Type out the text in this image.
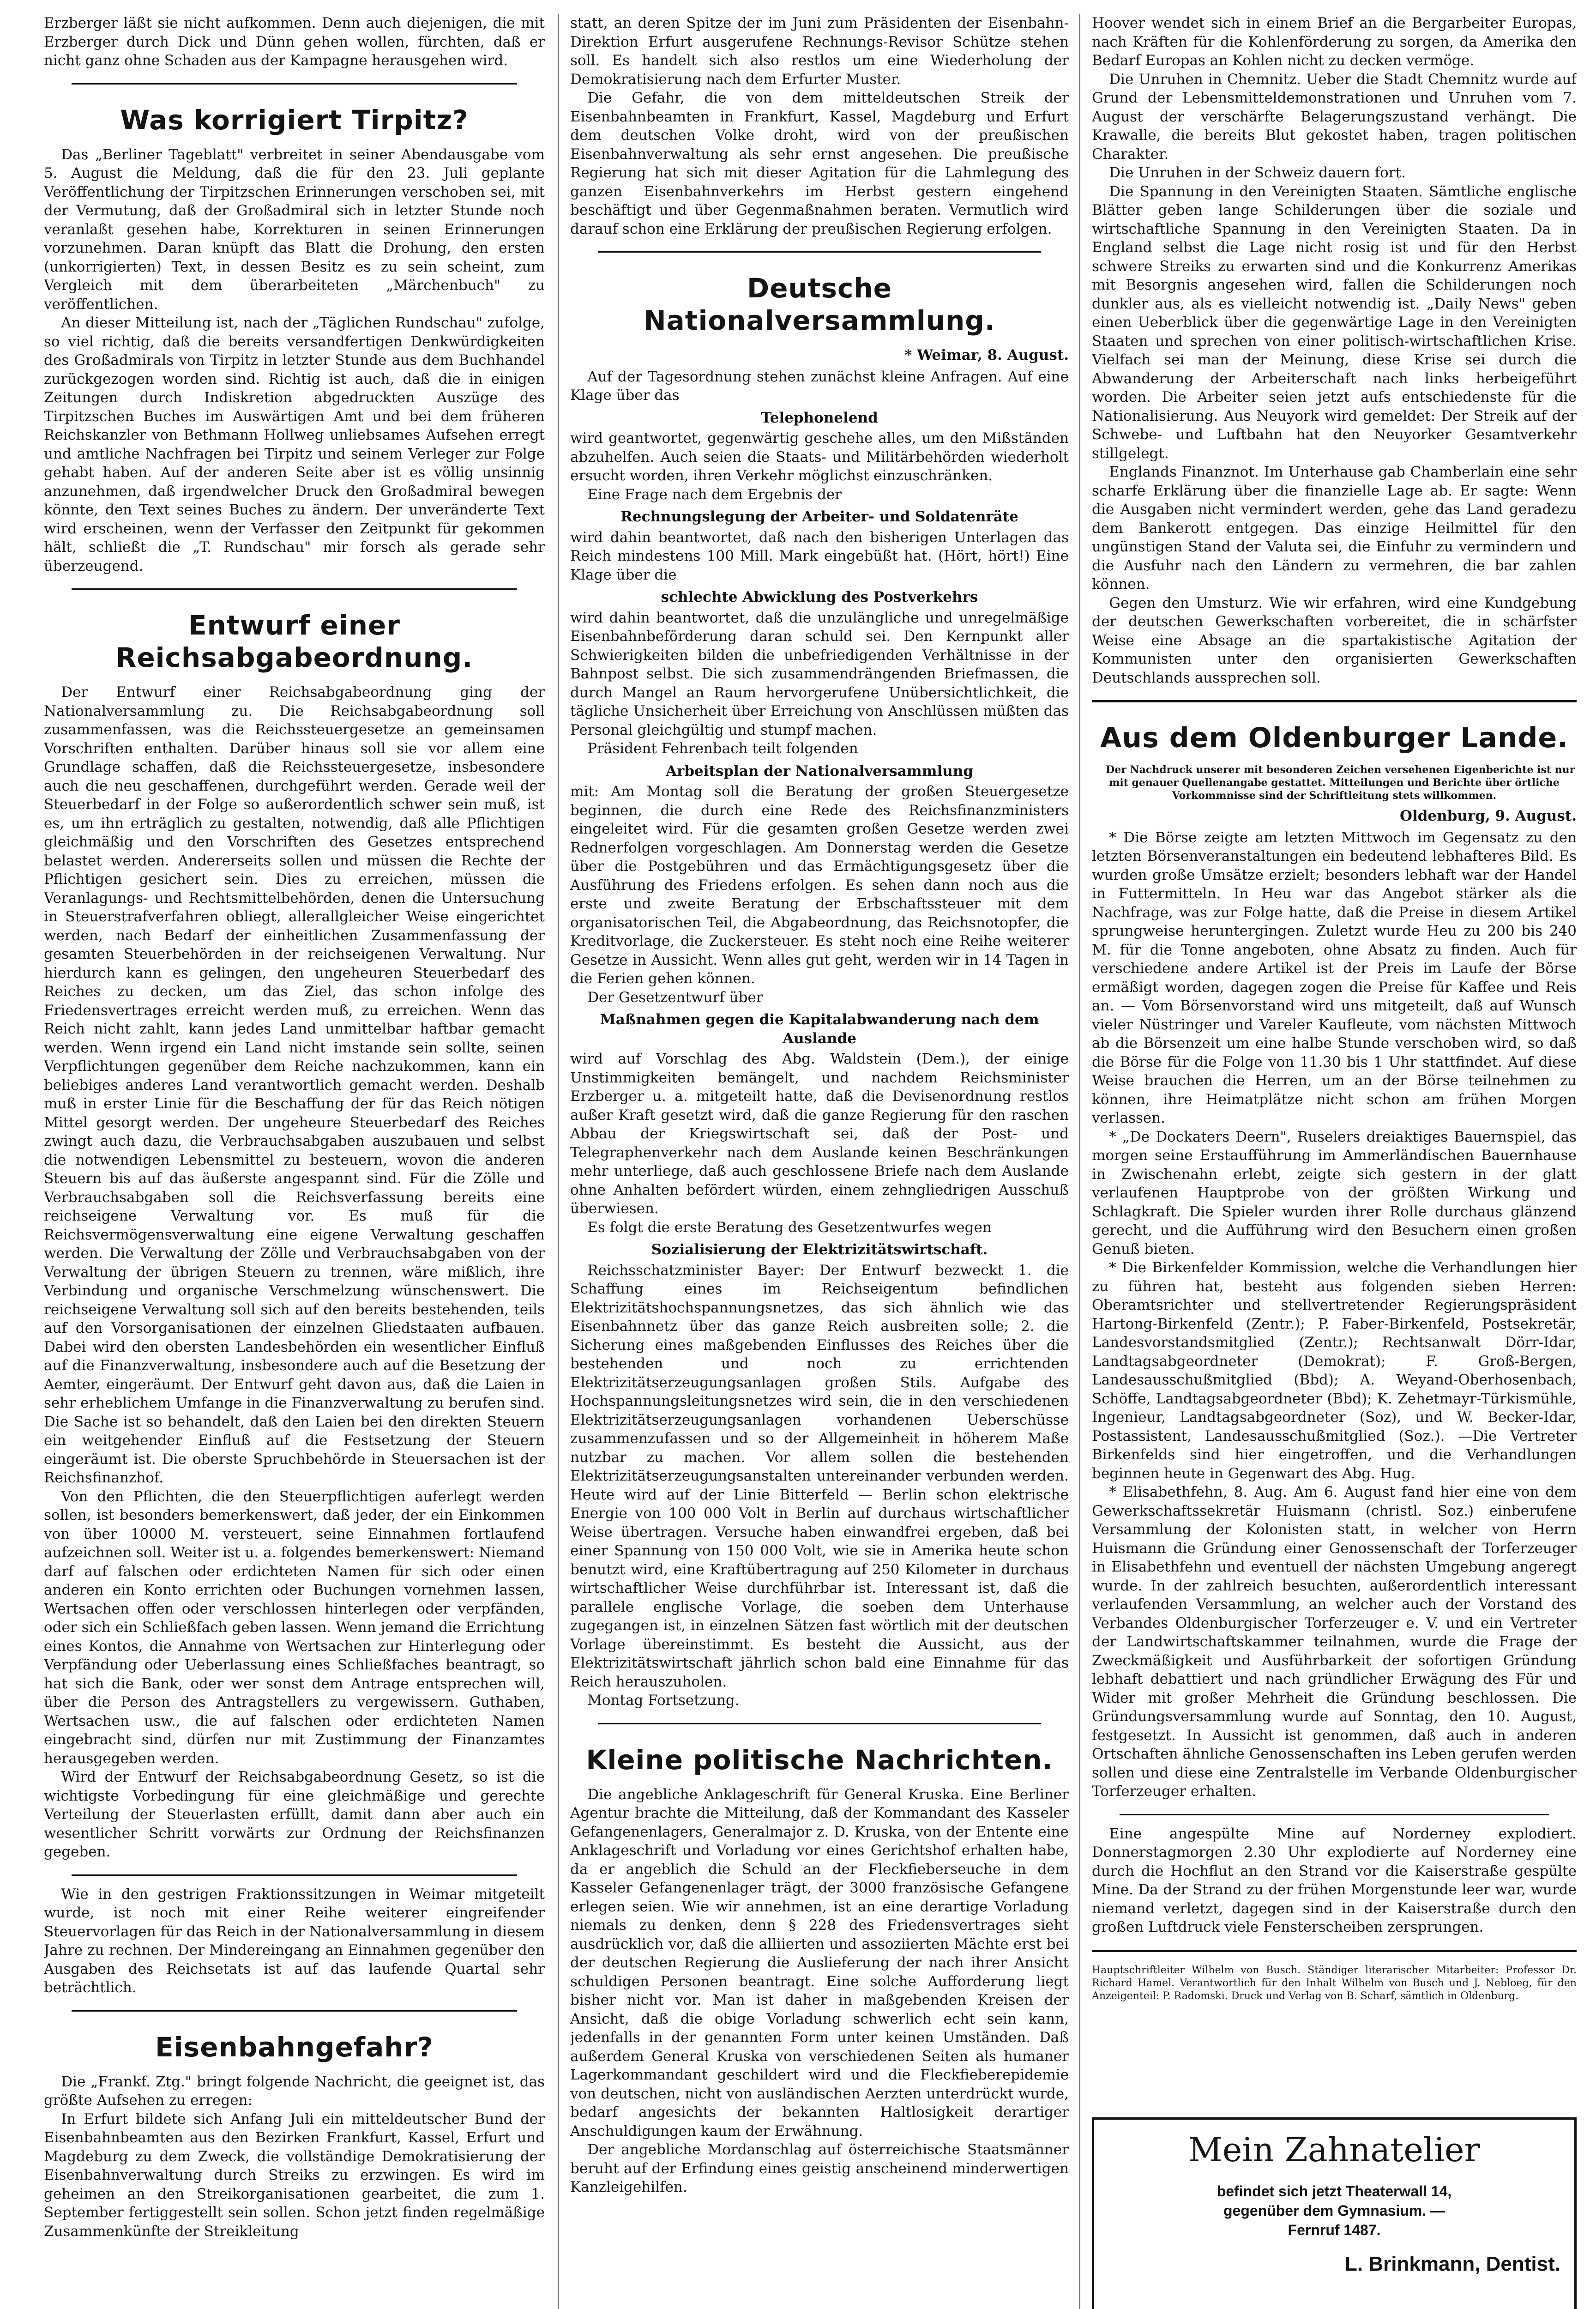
Erzberger läßt sie nicht aufkommen. Denn auch diejenigen, die mit Erzberger durch Dick und Dünn gehen wollen, fürchten, daß er nicht ganz ohne Schaden aus der Kampagne herausgehen wird.

Was korrigiert Tirpitz?

Das „Berliner Tageblatt" verbreitet in seiner Abendausgabe vom 5. August die Meldung, daß die für den 23. Juli geplante Veröffentlichung der Tirpitzschen Erinnerungen verschoben sei, mit der Vermutung, daß der Großadmiral sich in letzter Stunde noch veranlaßt gesehen habe, Korrekturen in seinen Erinnerungen vorzunehmen. Daran knüpft das Blatt die Drohung, den ersten (unkorrigierten) Text, in dessen Besitz es zu sein scheint, zum Vergleich mit dem überarbeiteten „Märchenbuch" zu veröffentlichen.

An dieser Mitteilung ist, nach der „Täglichen Rundschau" zufolge, so viel richtig, daß die bereits versandfertigen Denkwürdigkeiten des Großadmirals von Tirpitz in letzter Stunde aus dem Buchhandel zurückgezogen worden sind. Richtig ist auch, daß die in einigen Zeitungen durch Indiskretion abgedruckten Auszüge des Tirpitzschen Buches im Auswärtigen Amt und bei dem früheren Reichskanzler von Bethmann Hollweg unliebsames Aufsehen erregt und amtliche Nachfragen bei Tirpitz und seinem Verleger zur Folge gehabt haben. Auf der anderen Seite aber ist es völlig unsinnig anzunehmen, daß irgendwelcher Druck den Großadmiral bewegen könnte, den Text seines Buches zu ändern. Der unveränderte Text wird erscheinen, wenn der Verfasser den Zeitpunkt für gekommen hält, schließt die „T. Rundschau" mir forsch als gerade sehr überzeugend.

Entwurf einer Reichsabgabeordnung.

Der Entwurf einer Reichsabgabeordnung ging der Nationalversammlung zu. Die Reichsabgabeordnung soll zusammenfassen, was die Reichssteuergesetze an gemeinsamen Vorschriften enthalten. Darüber hinaus soll sie vor allem eine Grundlage schaffen, daß die Reichssteuergesetze, insbesondere auch die neu geschaffenen, durchgeführt werden. Gerade weil der Steuerbedarf in der Folge so außerordentlich schwer sein muß, ist es, um ihn erträglich zu gestalten, notwendig, daß alle Pflichtigen gleichmäßig und den Vorschriften des Gesetzes entsprechend belastet werden. Andererseits sollen und müssen die Rechte der Pflichtigen gesichert sein. Dies zu erreichen, müssen die Veranlagungs- und Rechtsmittelbehörden, denen die Untersuchung in Steuerstrafverfahren obliegt, allerallgleicher Weise eingerichtet werden, nach Bedarf der einheitlichen Zusammenfassung der gesamten Steuerbehörden in der reichseigenen Verwaltung. Nur hierdurch kann es gelingen, den ungeheuren Steuerbedarf des Reiches zu decken, um das Ziel, das schon infolge des Friedensvertrages erreicht werden muß, zu erreichen. Wenn das Reich nicht zahlt, kann jedes Land unmittelbar haftbar gemacht werden. Wenn irgend ein Land nicht imstande sein sollte, seinen Verpflichtungen gegenüber dem Reiche nachzukommen, kann ein beliebiges anderes Land verantwortlich gemacht werden. Deshalb muß in erster Linie für die Beschaffung der für das Reich nötigen Mittel gesorgt werden. Der ungeheure Steuerbedarf des Reiches zwingt auch dazu, die Verbrauchsabgaben auszubauen und selbst die notwendigen Lebensmittel zu besteuern, wovon die anderen Steuern bis auf das äußerste angespannt sind. Für die Zölle und Verbrauchsabgaben soll die Reichsverfassung bereits eine reichseigene Verwaltung vor. Es muß für die Reichsvermögensverwaltung eine eigene Verwaltung geschaffen werden. Die Verwaltung der Zölle und Verbrauchsabgaben von der Verwaltung der übrigen Steuern zu trennen, wäre mißlich, ihre Verbindung und organische Verschmelzung wünschenswert. Die reichseigene Verwaltung soll sich auf den bereits bestehenden, teils auf den Vorsorganisationen der einzelnen Gliedstaaten aufbauen. Dabei wird den obersten Landesbehörden ein wesentlicher Einfluß auf die Finanzverwaltung, insbesondere auch auf die Besetzung der Aemter, eingeräumt. Der Entwurf geht davon aus, daß die Laien in sehr erheblichem Umfange in die Finanzverwaltung zu berufen sind. Die Sache ist so behandelt, daß den Laien bei den direkten Steuern ein weitgehender Einfluß auf die Festsetzung der Steuern eingeräumt ist. Die oberste Spruchbehörde in Steuersachen ist der Reichsfinanzhof.

Von den Pflichten, die den Steuerpflichtigen auferlegt werden sollen, ist besonders bemerkenswert, daß jeder, der ein Einkommen von über 10000 M. versteuert, seine Einnahmen fortlaufend aufzeichnen soll. Weiter ist u. a. folgendes bemerkenswert: Niemand darf auf falschen oder erdichteten Namen für sich oder einen anderen ein Konto errichten oder Buchungen vornehmen lassen, Wertsachen offen oder verschlossen hinterlegen oder verpfänden, oder sich ein Schließfach geben lassen. Wenn jemand die Errichtung eines Kontos, die Annahme von Wertsachen zur Hinterlegung oder Verpfändung oder Ueberlassung eines Schließfaches beantragt, so hat sich die Bank, oder wer sonst dem Antrage entsprechen will, über die Person des Antragstellers zu vergewissern. Guthaben, Wertsachen usw., die auf falschen oder erdichteten Namen eingebracht sind, dürfen nur mit Zustimmung der Finanzamtes herausgegeben werden.

Wird der Entwurf der Reichsabgabeordnung Gesetz, so ist die wichtigste Vorbedingung für eine gleichmäßige und gerechte Verteilung der Steuerlasten erfüllt, damit dann aber auch ein wesentlicher Schritt vorwärts zur Ordnung der Reichsfinanzen gegeben.

Wie in den gestrigen Fraktionssitzungen in Weimar mitgeteilt wurde, ist noch mit einer Reihe weiterer eingreifender Steuervorlagen für das Reich in der Nationalversammlung in diesem Jahre zu rechnen. Der Mindereingang an Einnahmen gegenüber den Ausgaben des Reichsetats ist auf das laufende Quartal sehr beträchtlich.

Eisenbahngefahr?

Die „Frankf. Ztg." bringt folgende Nachricht, die geeignet ist, das größte Aufsehen zu erregen:

In Erfurt bildete sich Anfang Juli ein mitteldeutscher Bund der Eisenbahnbeamten aus den Bezirken Frankfurt, Kassel, Erfurt und Magdeburg zu dem Zweck, die vollständige Demokratisierung der Eisenbahnverwaltung durch Streiks zu erzwingen. Es wird im geheimen an den Streikorganisationen gearbeitet, die zum 1. September fertiggestellt sein sollen. Schon jetzt finden regelmäßige Zusammenkünfte der Streikleitung

statt, an deren Spitze der im Juni zum Präsidenten der Eisenbahn-Direktion Erfurt ausgerufene Rechnungs-Revisor Schütze stehen soll. Es handelt sich also restlos um eine Wiederholung der Demokratisierung nach dem Erfurter Muster.

Die Gefahr, die von dem mitteldeutschen Streik der Eisenbahnbeamten in Frankfurt, Kassel, Magdeburg und Erfurt dem deutschen Volke droht, wird von der preußischen Eisenbahnverwaltung als sehr ernst angesehen. Die preußische Regierung hat sich mit dieser Agitation für die Lahmlegung des ganzen Eisenbahnverkehrs im Herbst gestern eingehend beschäftigt und über Gegenmaßnahmen beraten. Vermutlich wird darauf schon eine Erklärung der preußischen Regierung erfolgen.

Deutsche Nationalversammlung.
* Weimar, 8. August.

Auf der Tagesordnung stehen zunächst kleine Anfragen. Auf eine Klage über das

Telephonelend

wird geantwortet, gegenwärtig geschehe alles, um den Mißständen abzuhelfen. Auch seien die Staats- und Militärbehörden wiederholt ersucht worden, ihren Verkehr möglichst einzuschränken.

Eine Frage nach dem Ergebnis der

Rechnungslegung der Arbeiter- und Soldatenräte

wird dahin beantwortet, daß nach den bisherigen Unterlagen das Reich mindestens 100 Mill. Mark eingebüßt hat. (Hört, hört!) Eine Klage über die

schlechte Abwicklung des Postverkehrs

wird dahin beantwortet, daß die unzulängliche und unregelmäßige Eisenbahnbeförderung daran schuld sei. Den Kernpunkt aller Schwierigkeiten bilden die unbefriedigenden Verhältnisse in der Bahnpost selbst. Die sich zusammendrängenden Briefmassen, die durch Mangel an Raum hervorgerufene Unübersichtlichkeit, die tägliche Unsicherheit über Erreichung von Anschlüssen müßten das Personal gleichgültig und stumpf machen.

Präsident Fehrenbach teilt folgenden

Arbeitsplan der Nationalversammlung

mit: Am Montag soll die Beratung der großen Steuergesetze beginnen, die durch eine Rede des Reichsfinanzministers eingeleitet wird. Für die gesamten großen Gesetze werden zwei Rednerfolgen vorgeschlagen. Am Donnerstag werden die Gesetze über die Postgebühren und das Ermächtigungsgesetz über die Ausführung des Friedens erfolgen. Es sehen dann noch aus die erste und zweite Beratung der Erbschaftssteuer mit dem organisatorischen Teil, die Abgabeordnung, das Reichsnotopfer, die Kreditvorlage, die Zuckersteuer. Es steht noch eine Reihe weiterer Gesetze in Aussicht. Wenn alles gut geht, werden wir in 14 Tagen in die Ferien gehen können.

Der Gesetzentwurf über

Maßnahmen gegen die Kapitalabwanderung nach dem Auslande

wird auf Vorschlag des Abg. Waldstein (Dem.), der einige Unstimmigkeiten bemängelt, und nachdem Reichsminister Erzberger u. a. mitgeteilt hatte, daß die Devisenordnung restlos außer Kraft gesetzt wird, daß die ganze Regierung für den raschen Abbau der Kriegswirtschaft sei, daß der Post- und Telegraphenverkehr nach dem Auslande keinen Beschränkungen mehr unterliege, daß auch geschlossene Briefe nach dem Auslande ohne Anhalten befördert würden, einem zehngliedrigen Ausschuß überwiesen.

Es folgt die erste Beratung des Gesetzentwurfes wegen

Sozialisierung der Elektrizitätswirtschaft.

Reichsschatzminister Bayer: Der Entwurf bezweckt 1. die Schaffung eines im Reichseigentum befindlichen Elektrizitätshochspannungsnetzes, das sich ähnlich wie das Eisenbahnnetz über das ganze Reich ausbreiten solle; 2. die Sicherung eines maßgebenden Einflusses des Reiches über die bestehenden und noch zu errichtenden Elektrizitätserzeugungsanlagen großen Stils. Aufgabe des Hochspannungsleitungsnetzes wird sein, die in den verschiedenen Elektrizitätserzeugungsanlagen vorhandenen Ueberschüsse zusammenzufassen und so der Allgemeinheit in höherem Maße nutzbar zu machen. Vor allem sollen die bestehenden Elektrizitätserzeugungsanstalten untereinander verbunden werden. Heute wird auf der Linie Bitterfeld — Berlin schon elektrische Energie von 100 000 Volt in Berlin auf durchaus wirtschaftlicher Weise übertragen. Versuche haben einwandfrei ergeben, daß bei einer Spannung von 150 000 Volt, wie sie in Amerika heute schon benutzt wird, eine Kraftübertragung auf 250 Kilometer in durchaus wirtschaftlicher Weise durchführbar ist. Interessant ist, daß die parallele englische Vorlage, die soeben dem Unterhause zugegangen ist, in einzelnen Sätzen fast wörtlich mit der deutschen Vorlage übereinstimmt. Es besteht die Aussicht, aus der Elektrizitätswirtschaft jährlich schon bald eine Einnahme für das Reich herauszuholen.

Montag Fortsetzung.

Kleine politische Nachrichten.

Die angebliche Anklageschrift für General Kruska. Eine Berliner Agentur brachte die Mitteilung, daß der Kommandant des Kasseler Gefangenenlagers, Generalmajor z. D. Kruska, von der Entente eine Anklageschrift und Vorladung vor eines Gerichtshof erhalten habe, da er angeblich die Schuld an der Fleckfieberseuche in dem Kasseler Gefangenenlager trägt, der 3000 französische Gefangene erlegen seien. Wie wir annehmen, ist an eine derartige Vorladung niemals zu denken, denn § 228 des Friedensvertrages sieht ausdrücklich vor, daß die alliierten und assoziierten Mächte erst bei der deutschen Regierung die Auslieferung der nach ihrer Ansicht schuldigen Personen beantragt. Eine solche Aufforderung liegt bisher nicht vor. Man ist daher in maßgebenden Kreisen der Ansicht, daß die obige Vorladung schwerlich echt sein kann, jedenfalls in der genannten Form unter keinen Umständen. Daß außerdem General Kruska von verschiedenen Seiten als humaner Lagerkommandant geschildert wird und die Fleckfieberepidemie von deutschen, nicht von ausländischen Aerzten unterdrückt wurde, bedarf angesichts der bekannten Haltlosigkeit derartiger Anschuldigungen kaum der Erwähnung.

Der angebliche Mordanschlag auf österreichische Staatsmänner beruht auf der Erfindung eines geistig anscheinend minderwertigen Kanzleigehilfen.

Hoover wendet sich in einem Brief an die Bergarbeiter Europas, nach Kräften für die Kohlenförderung zu sorgen, da Amerika den Bedarf Europas an Kohlen nicht zu decken vermöge.

Die Unruhen in Chemnitz. Ueber die Stadt Chemnitz wurde auf Grund der Lebensmitteldemonstrationen und Unruhen vom 7. August der verschärfte Belagerungszustand verhängt. Die Krawalle, die bereits Blut gekostet haben, tragen politischen Charakter.

Die Unruhen in der Schweiz dauern fort.

Die Spannung in den Vereinigten Staaten. Sämtliche englische Blätter geben lange Schilderungen über die soziale und wirtschaftliche Spannung in den Vereinigten Staaten. Da in England selbst die Lage nicht rosig ist und für den Herbst schwere Streiks zu erwarten sind und die Konkurrenz Amerikas mit Besorgnis angesehen wird, fallen die Schilderungen noch dunkler aus, als es vielleicht notwendig ist. „Daily News" geben einen Ueberblick über die gegenwärtige Lage in den Vereinigten Staaten und sprechen von einer politisch-wirtschaftlichen Krise. Vielfach sei man der Meinung, diese Krise sei durch die Abwanderung der Arbeiterschaft nach links herbeigeführt worden. Die Arbeiter seien jetzt aufs entschiedenste für die Nationalisierung. Aus Neuyork wird gemeldet: Der Streik auf der Schwebe- und Luftbahn hat den Neuyorker Gesamtverkehr stillgelegt.

Englands Finanznot. Im Unterhause gab Chamberlain eine sehr scharfe Erklärung über die finanzielle Lage ab. Er sagte: Wenn die Ausgaben nicht vermindert werden, gehe das Land geradezu dem Bankerott entgegen. Das einzige Heilmittel für den ungünstigen Stand der Valuta sei, die Einfuhr zu vermindern und die Ausfuhr nach den Ländern zu vermehren, die bar zahlen können.

Gegen den Umsturz. Wie wir erfahren, wird eine Kundgebung der deutschen Gewerkschaften vorbereitet, die in schärfster Weise eine Absage an die spartakistische Agitation der Kommunisten unter den organisierten Gewerkschaften Deutschlands aussprechen soll.

Aus dem Oldenburger Lande.

Der Nachdruck unserer mit besonderen Zeichen versehenen Eigenberichte ist nur mit genauer Quellenangabe gestattet. Mitteilungen und Berichte über örtliche Vorkommnisse sind der Schriftleitung stets willkommen.

Oldenburg, 9. August.

* Die Börse zeigte am letzten Mittwoch im Gegensatz zu den letzten Börsenveranstaltungen ein bedeutend lebhafteres Bild. Es wurden große Umsätze erzielt; besonders lebhaft war der Handel in Futtermitteln. In Heu war das Angebot stärker als die Nachfrage, was zur Folge hatte, daß die Preise in diesem Artikel sprungweise heruntergingen. Zuletzt wurde Heu zu 200 bis 240 M. für die Tonne angeboten, ohne Absatz zu finden. Auch für verschiedene andere Artikel ist der Preis im Laufe der Börse ermäßigt worden, dagegen zogen die Preise für Kaffee und Reis an. — Vom Börsenvorstand wird uns mitgeteilt, daß auf Wunsch vieler Nüstringer und Vareler Kaufleute, vom nächsten Mittwoch ab die Börsenzeit um eine halbe Stunde verschoben wird, so daß die Börse für die Folge von 11.30 bis 1 Uhr stattfindet. Auf diese Weise brauchen die Herren, um an der Börse teilnehmen zu können, ihre Heimatplätze nicht schon am frühen Morgen verlassen.

* „De Dockaters Deern", Ruselers dreiaktiges Bauernspiel, das morgen seine Erstaufführung im Ammerländischen Bauernhause in Zwischenahn erlebt, zeigte sich gestern in der glatt verlaufenen Hauptprobe von der größten Wirkung und Schlagkraft. Die Spieler wurden ihrer Rolle durchaus glänzend gerecht, und die Aufführung wird den Besuchern einen großen Genuß bieten.

* Die Birkenfelder Kommission, welche die Verhandlungen hier zu führen hat, besteht aus folgenden sieben Herren: Oberamtsrichter und stellvertretender Regierungspräsident Hartong-Birkenfeld (Zentr.); P. Faber-Birkenfeld, Postsekretär, Landesvorstandsmitglied (Zentr.); Rechtsanwalt Dörr-Idar, Landtagsabgeordneter (Demokrat); F. Groß-Bergen, Landesausschußmitglied (Bbd); A. Weyand-Oberhosenbach, Schöffe, Landtagsabgeordneter (Bbd); K. Zehetmayr-Türkismühle, Ingenieur, Landtagsabgeordneter (Soz), und W. Becker-Idar, Postassistent, Landesausschußmitglied (Soz.). —Die Vertreter Birkenfelds sind hier eingetroffen, und die Verhandlungen beginnen heute in Gegenwart des Abg. Hug.

* Elisabethfehn, 8. Aug. Am 6. August fand hier eine von dem Gewerkschaftssekretär Huismann (christl. Soz.) einberufene Versammlung der Kolonisten statt, in welcher von Herrn Huismann die Gründung einer Genossenschaft der Torferzeuger in Elisabethfehn und eventuell der nächsten Umgebung angeregt wurde. In der zahlreich besuchten, außerordentlich interessant verlaufenden Versammlung, an welcher auch der Vorstand des Verbandes Oldenburgischer Torferzeuger e. V. und ein Vertreter der Landwirtschaftskammer teilnahmen, wurde die Frage der Zweckmäßigkeit und Ausführbarkeit der sofortigen Gründung lebhaft debattiert und nach gründlicher Erwägung des Für und Wider mit großer Mehrheit die Gründung beschlossen. Die Gründungsversammlung wurde auf Sonntag, den 10. August, festgesetzt. In Aussicht ist genommen, daß auch in anderen Ortschaften ähnliche Genossenschaften ins Leben gerufen werden sollen und diese eine Zentralstelle im Verbande Oldenburgischer Torferzeuger erhalten.

Eine angespülte Mine auf Norderney explodiert. Donnerstagmorgen 2.30 Uhr explodierte auf Norderney eine durch die Hochflut an den Strand vor die Kaiserstraße gespülte Mine. Da der Strand zu der frühen Morgenstunde leer war, wurde niemand verletzt, dagegen sind in der Kaiserstraße durch den großen Luftdruck viele Fensterscheiben zersprungen.

Hauptschriftleiter Wilhelm von Busch. Ständiger literarischer Mitarbeiter: Professor Dr. Richard Hamel. Verantwortlich für den Inhalt Wilhelm von Busch und J. Nebloeg, für den Anzeigenteil: P. Radomski. Druck und Verlag von B. Scharf, sämtlich in Oldenburg.

Mein Zahnatelier
befindet sich jetzt Theaterwall 14,
gegenüber dem Gymnasium. —
Fernruf 1487.
L. Brinkmann, Dentist.
